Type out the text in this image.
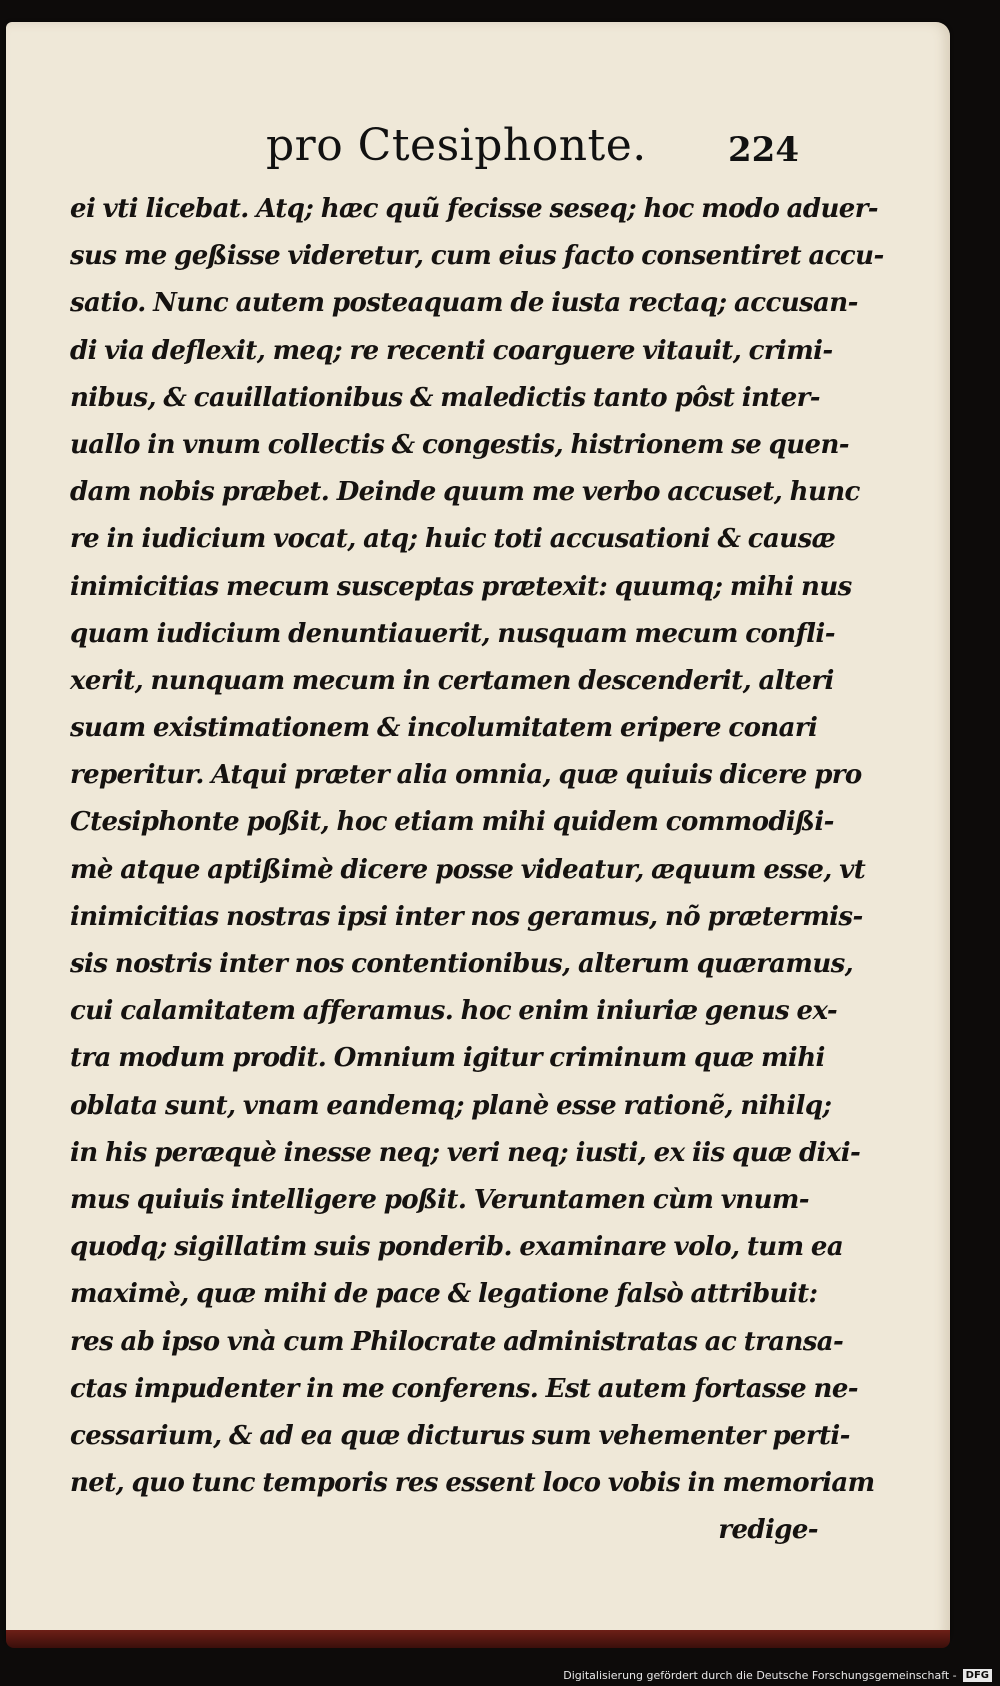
pro Ctesiphonte. 224
ei vti licebat. Atq; hæc quũ fecisse seseq; hoc modo aduer-
sus me geßisse videretur, cum eius facto consentiret accu-
satio. Nunc autem posteaquam de iusta rectaq; accusan-
di via deflexit, meq; re recenti coarguere vitauit, crimi-
nibus, & cauillationibus & maledictis tanto pôst inter-
uallo in vnum collectis & congestis, histrionem se quen-
dam nobis præbet. Deinde quum me verbo accuset, hunc
re in iudicium vocat, atq; huic toti accusationi & causæ
inimicitias mecum susceptas prætexit: quumq; mihi nus
quam iudicium denuntiauerit, nusquam mecum confli-
xerit, nunquam mecum in certamen descenderit, alteri
suam existimationem & incolumitatem eripere conari
reperitur. Atqui præter alia omnia, quæ quiuis dicere pro
Ctesiphonte poßit, hoc etiam mihi quidem commodißi-
mè atque aptißimè dicere posse videatur, æquum esse, vt
inimicitias nostras ipsi inter nos geramus, nõ prætermis-
sis nostris inter nos contentionibus, alterum quæramus,
cui calamitatem afferamus. hoc enim iniuriæ genus ex-
tra modum prodit. Omnium igitur criminum quæ mihi
oblata sunt, vnam eandemq; planè esse rationẽ, nihilq;
in his peræquè inesse neq; veri neq; iusti, ex iis quæ dixi-
mus quiuis intelligere poßit. Veruntamen cùm vnum-
quodq; sigillatim suis ponderib. examinare volo, tum ea
maximè, quæ mihi de pace & legatione falsò attribuit:
res ab ipso vnà cum Philocrate administratas ac transa-
ctas impudenter in me conferens. Est autem fortasse ne-
cessarium, & ad ea quæ dicturus sum vehementer perti-
net, quo tunc temporis res essent loco vobis in memoriam
redige-
Digitalisierung gefördert durch die Deutsche Forschungsgemeinschaft - DFG
